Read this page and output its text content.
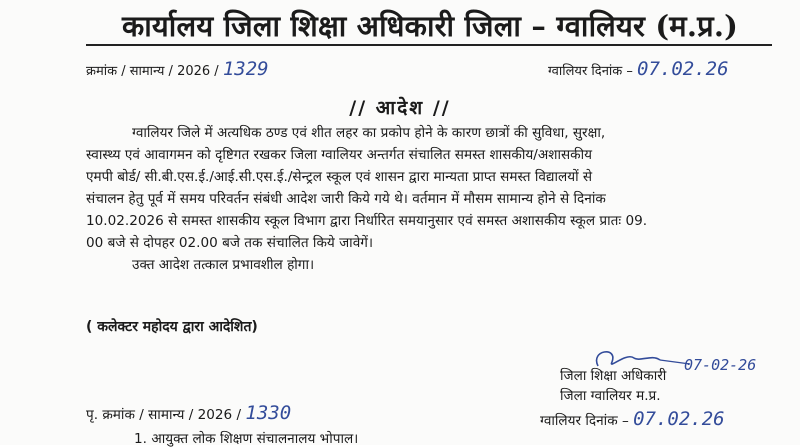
कार्यालय जिला शिक्षा अधिकारी जिला – ग्वालियर (म.प्र.)
क्रमांक / सामान्य / 2026 / 1329	ग्वालियर दिनांक – 07.02.26
// आदेश //
ग्वालियर जिले में अत्यधिक ठण्ड एवं शीत लहर का प्रकोप होने के कारण छात्रों की सुविधा, सुरक्षा,
स्वास्थ्य एवं आवागमन को दृष्टिगत रखकर जिला ग्वालियर अन्तर्गत संचालित समस्त शासकीय/अशासकीय
एमपी बोर्ड/ सी.बी.एस.ई./आई.सी.एस.ई./सेन्ट्रल स्कूल एवं शासन द्वारा मान्यता प्राप्त समस्त विद्यालयों से
संचालन हेतु पूर्व में समय परिवर्तन संबंधी आदेश जारी किये गये थे। वर्तमान में मौसम सामान्य होने से दिनांक
10.02.2026 से समस्त शासकीय स्कूल विभाग द्वारा निर्धारित समयानुसार एवं समस्त अशासकीय स्कूल प्रातः 09.
00 बजे से दोपहर 02.00 बजे तक संचालित किये जावेगें।
उक्त आदेश तत्काल प्रभावशील होगा।
( कलेक्टर महोदय द्वारा आदेशित)
07-02-26
जिला शिक्षा अधिकारी
जिला ग्वालियर म.प्र.
पृ. क्रमांक / सामान्य / 2026 / 1330	ग्वालियर दिनांक – 07.02.26
1. आयुक्त लोक शिक्षण संचालनालय भोपाल।
